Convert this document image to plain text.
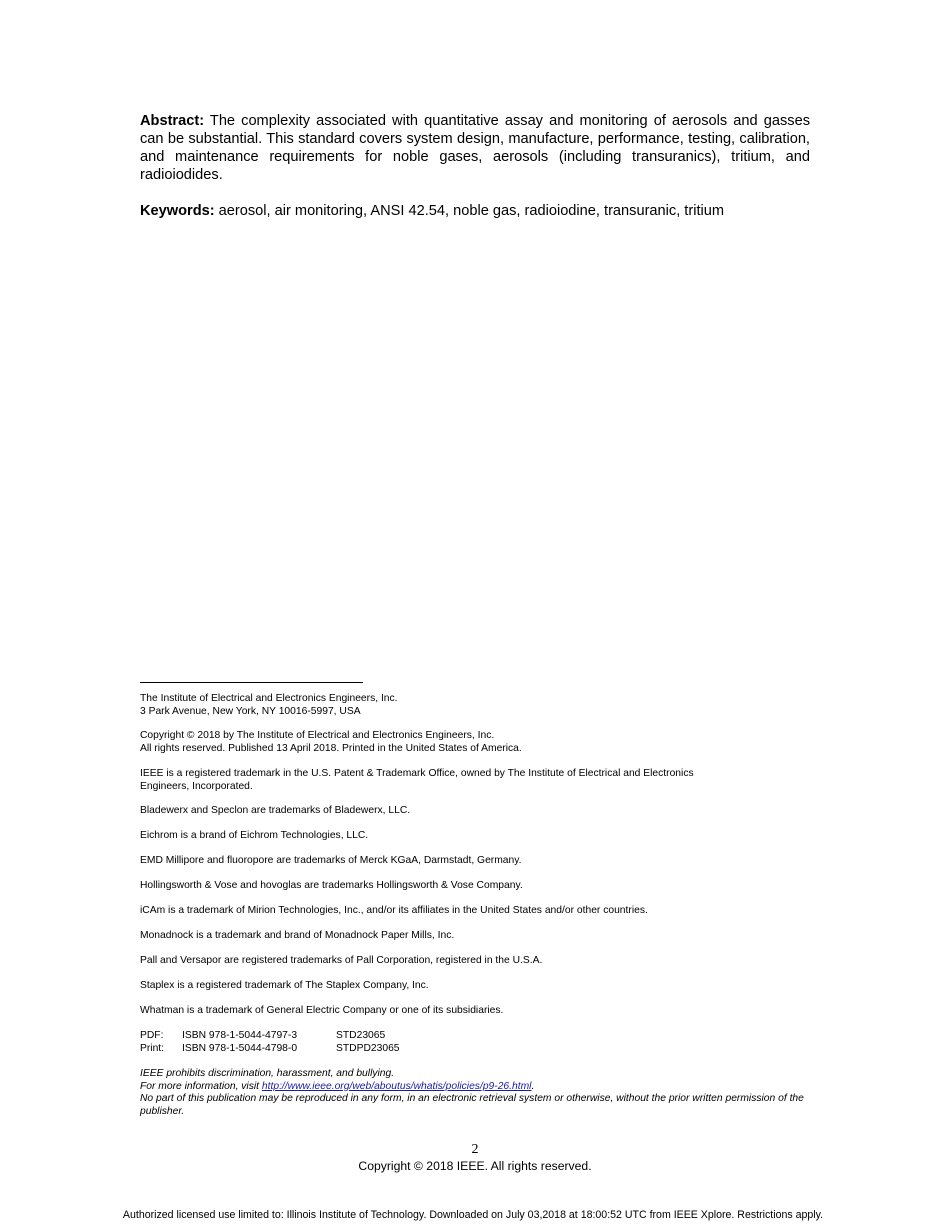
Abstract: The complexity associated with quantitative assay and monitoring of aerosols and gasses can be substantial. This standard covers system design, manufacture, performance, testing, calibration, and maintenance requirements for noble gases, aerosols (including transuranics), tritium, and radioiodides.

Keywords: aerosol, air monitoring, ANSI 42.54, noble gas, radioiodine, transuranic, tritium

The Institute of Electrical and Electronics Engineers, Inc.
3 Park Avenue, New York, NY 10016-5997, USA
Copyright © 2018 by The Institute of Electrical and Electronics Engineers, Inc.
All rights reserved. Published 13 April 2018. Printed in the United States of America.
IEEE is a registered trademark in the U.S. Patent & Trademark Office, owned by The Institute of Electrical and Electronics Engineers, Incorporated.
Bladewerx and Speclon are trademarks of Bladewerx, LLC.
Eichrom is a brand of Eichrom Technologies, LLC.
EMD Millipore and fluoropore are trademarks of Merck KGaA, Darmstadt, Germany.
Hollingsworth & Vose and hovoglas are trademarks Hollingsworth & Vose Company.
iCAm is a trademark of Mirion Technologies, Inc., and/or its affiliates in the United States and/or other countries.
Monadnock is a trademark and brand of Monadnock Paper Mills, Inc.
Pall and Versapor are registered trademarks of Pall Corporation, registered in the U.S.A.
Staplex is a registered trademark of The Staplex Company, Inc.
Whatman is a trademark of General Electric Company or one of its subsidiaries.
PDF: ISBN 978-1-5044-4797-3	STD23065
Print: ISBN 978-1-5044-4798-0	STDPD23065
IEEE prohibits discrimination, harassment, and bullying.
For more information, visit http://www.ieee.org/web/aboutus/whatis/policies/p9-26.html.
No part of this publication may be reproduced in any form, in an electronic retrieval system or otherwise, without the prior written permission of the publisher.
2
Copyright © 2018 IEEE. All rights reserved.
Authorized licensed use limited to: Illinois Institute of Technology. Downloaded on July 03,2018 at 18:00:52 UTC from IEEE Xplore. Restrictions apply.
